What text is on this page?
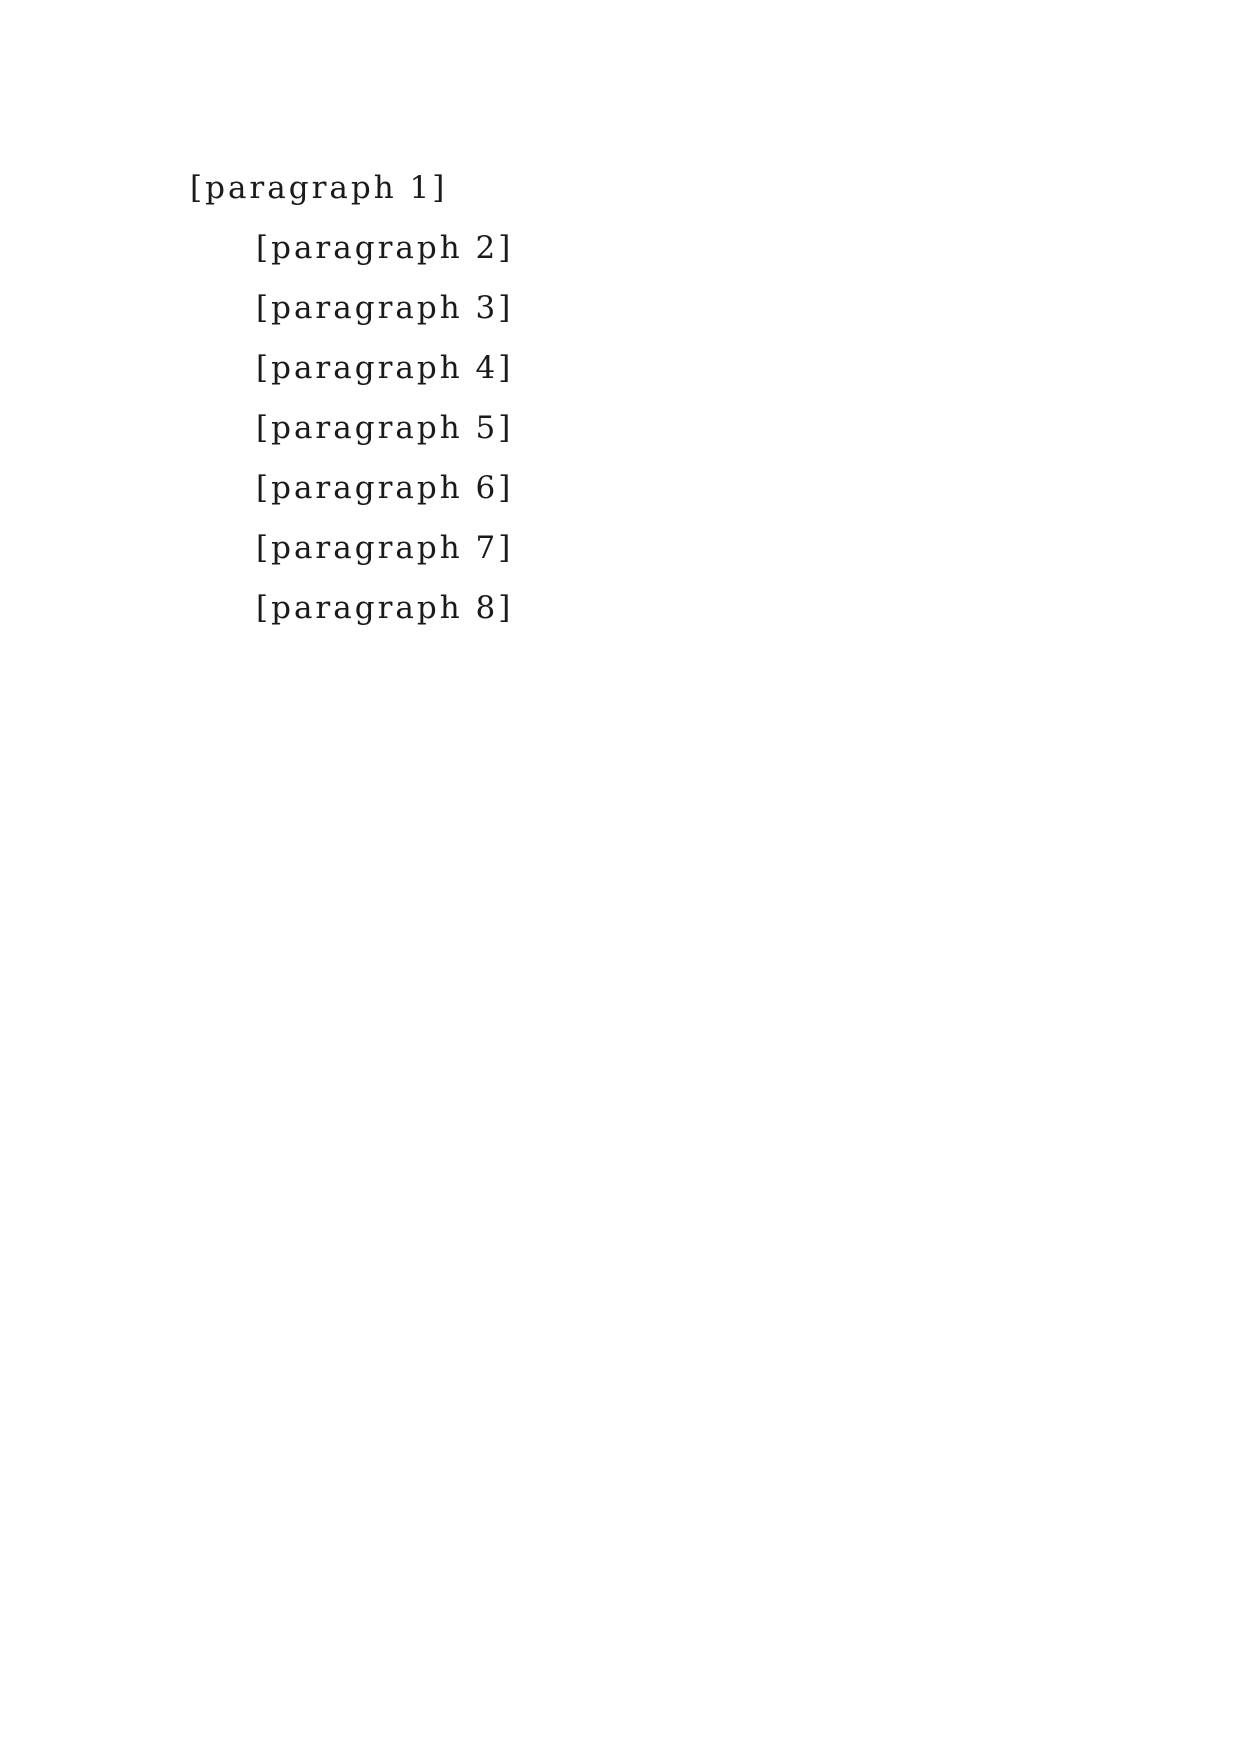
[paragraph 1]

[paragraph 2]

[paragraph 3]

[paragraph 4]

[paragraph 5]

[paragraph 6]

[paragraph 7]

[paragraph 8]
